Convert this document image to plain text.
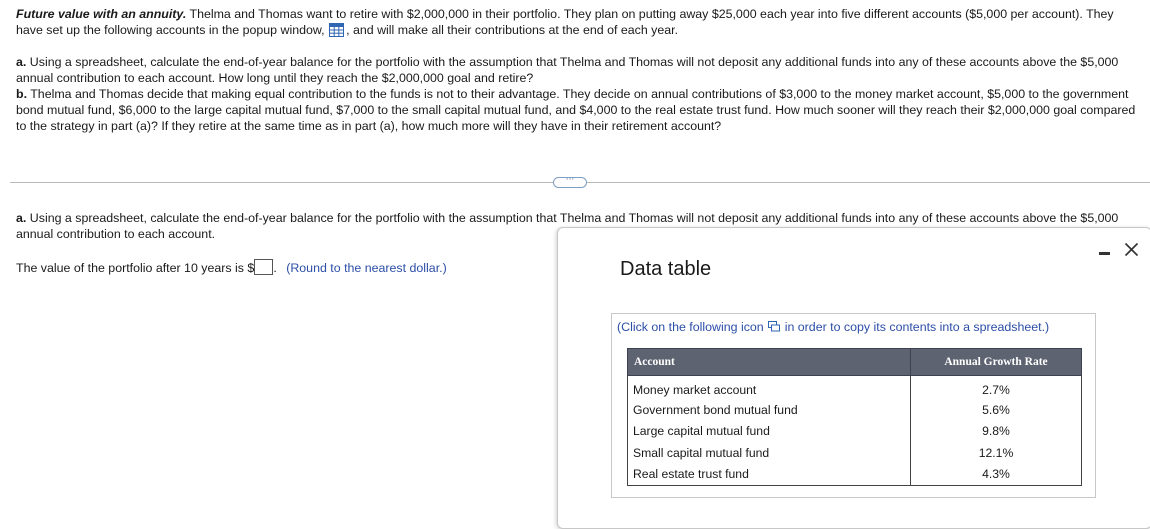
Future value with an annuity. Thelma and Thomas want to retire with $2,000,000 in their portfolio. They plan on putting away $25,000 each year into five different accounts ($5,000 per account). They have set up the following accounts in the popup window, , and will make all their contributions at the end of each year.

a. Using a spreadsheet, calculate the end-of-year balance for the portfolio with the assumption that Thelma and Thomas will not deposit any additional funds into any of these accounts above the $5,000 annual contribution to each account. How long until they reach the $2,000,000 goal and retire?

b. Thelma and Thomas decide that making equal contribution to the funds is not to their advantage. They decide on annual contributions of $3,000 to the money market account, $5,000 to the government bond mutual fund, $6,000 to the large capital mutual fund, $7,000 to the small capital mutual fund, and $4,000 to the real estate trust fund. How much sooner will they reach their $2,000,000 goal compared to the strategy in part (a)? If they retire at the same time as in part (a), how much more will they have in their retirement account?

···
a. Using a spreadsheet, calculate the end-of-year balance for the portfolio with the assumption that Thelma and Thomas will not deposit any additional funds into any of these accounts above the $5,000 annual contribution to each account.
The value of the portfolio after 10 years is $ . (Round to the nearest dollar.)	Data table
(Click on the following icon in order to copy its contents into a spreadsheet.)
Account	Annual Growth Rate
Money market account	2.7%
Government bond mutual fund	5.6%
Large capital mutual fund	9.8%
Small capital mutual fund	12.1%
Real estate trust fund	4.3%
